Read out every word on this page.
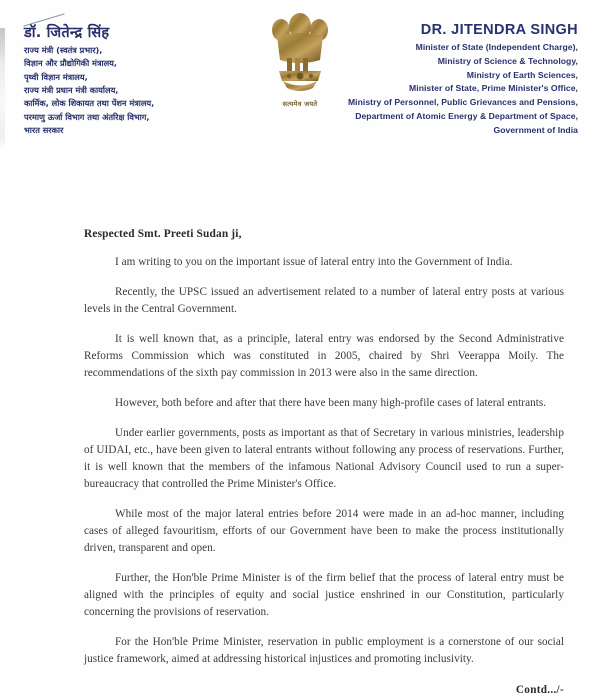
डॉ. जितेन्द्र सिंह
राज्य मंत्री (स्वतंत्र प्रभार),
विज्ञान और प्रौद्योगिकी मंत्रालय,
पृथ्वी विज्ञान मंत्रालय,
राज्य मंत्री प्रधान मंत्री कार्यालय,
कार्मिक, लोक शिकायत तथा पेंशन मंत्रालय,
परमाणु ऊर्जा विभाग तथा अंतरिक्ष विभाग,
भारत सरकार
सत्यमेव जयते
DR. JITENDRA SINGH
Minister of State (Independent Charge),
Ministry of Science & Technology,
Ministry of Earth Sciences,
Minister of State, Prime Minister's Office,
Ministry of Personnel, Public Grievances and Pensions,
Department of Atomic Energy & Department of Space,
Government of India
Respected Smt. Preeti Sudan ji,

I am writing to you on the important issue of lateral entry into the Government of India.

Recently, the UPSC issued an advertisement related to a number of lateral entry posts at various levels in the Central Government.

It is well known that, as a principle, lateral entry was endorsed by the Second Administrative Reforms Commission which was constituted in 2005, chaired by Shri Veerappa Moily. The recommendations of the sixth pay commission in 2013 were also in the same direction.

However, both before and after that there have been many high-profile cases of lateral entrants.

Under earlier governments, posts as important as that of Secretary in various ministries, leadership of UIDAI, etc., have been given to lateral entrants without following any process of reservations. Further, it is well known that the members of the infamous National Advisory Council used to run a super-bureaucracy that controlled the Prime Minister's Office.

While most of the major lateral entries before 2014 were made in an ad-hoc manner, including cases of alleged favouritism, efforts of our Government have been to make the process institutionally driven, transparent and open.

Further, the Hon'ble Prime Minister is of the firm belief that the process of lateral entry must be aligned with the principles of equity and social justice enshrined in our Constitution, particularly concerning the provisions of reservation.

For the Hon'ble Prime Minister, reservation in public employment is a cornerstone of our social justice framework, aimed at addressing historical injustices and promoting inclusivity.

Contd.../-
